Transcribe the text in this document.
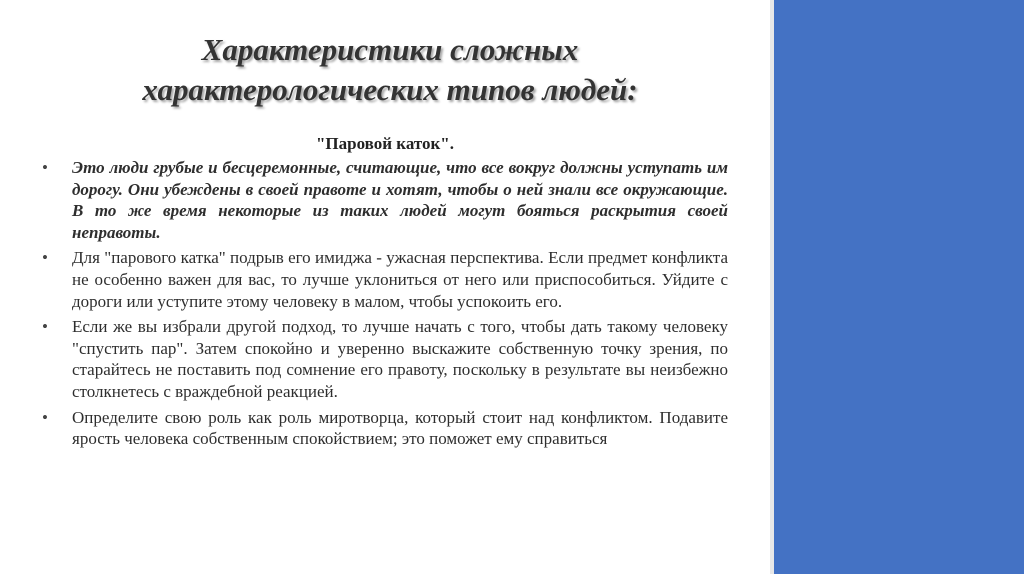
Характеристики сложных
характерологических типов людей:
"Паровой каток".
•	Это люди грубые и бесцеремонные, считающие, что все вокруг должны уступать им дорогу. Они убеждены в своей правоте и хотят, чтобы о ней знали все окружающие. В то же время некоторые из таких людей могут бояться раскрытия своей неправоты.
•	Для "парового катка" подрыв его имиджа - ужасная перспектива. Если предмет конфликта не особенно важен для вас, то лучше уклониться от него или приспособиться. Уйдите с дороги или уступите этому человеку в малом, чтобы успокоить его.
•	Если же вы избрали другой подход, то лучше начать с того, чтобы дать такому человеку "спустить пар". Затем спокойно и уверенно выскажите собственную точку зрения, по старайтесь не поставить под сомнение его правоту, поскольку в результате вы неизбежно столкнетесь с враждебной реакцией.
•	Определите свою роль как роль миротворца, который стоит над конфликтом. Подавите ярость человека собственным спокойствием; это поможет ему справиться
